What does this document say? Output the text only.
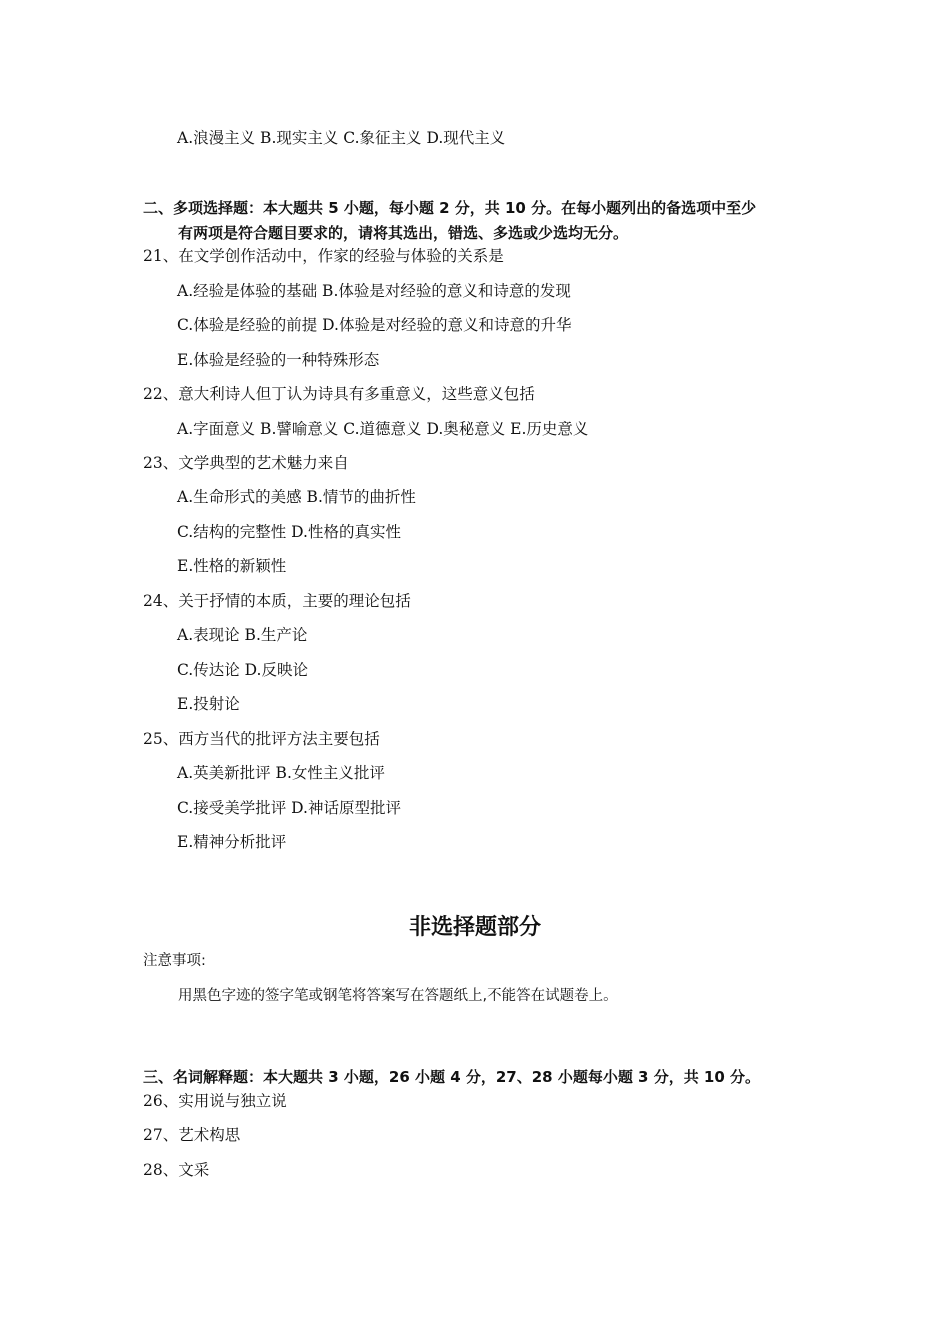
A.浪漫主义 B.现实主义 C.象征主义 D.现代主义
二、多项选择题：本大题共 5 小题，每小题 2 分，共 10 分。在每小题列出的备选项中至少
有两项是符合题目要求的，请将其选出，错选、多选或少选均无分。
21、在文学创作活动中，作家的经验与体验的关系是
A.经验是体验的基础 B.体验是对经验的意义和诗意的发现
C.体验是经验的前提 D.体验是对经验的意义和诗意的升华
E.体验是经验的一种特殊形态
22、意大利诗人但丁认为诗具有多重意义，这些意义包括
A.字面意义 B.譬喻意义 C.道德意义 D.奥秘意义 E.历史意义
23、文学典型的艺术魅力来自
A.生命形式的美感 B.情节的曲折性
C.结构的完整性 D.性格的真实性
E.性格的新颖性
24、关于抒情的本质，主要的理论包括
A.表现论 B.生产论
C.传达论 D.反映论
E.投射论
25、西方当代的批评方法主要包括
A.英美新批评 B.女性主义批评
C.接受美学批评 D.神话原型批评
E.精神分析批评
非选择题部分
注意事项:
用黑色字迹的签字笔或钢笔将答案写在答题纸上,不能答在试题卷上。
三、名词解释题：本大题共 3 小题，26 小题 4 分，27、28 小题每小题 3 分，共 10 分。
26、实用说与独立说
27、艺术构思
28、文采
